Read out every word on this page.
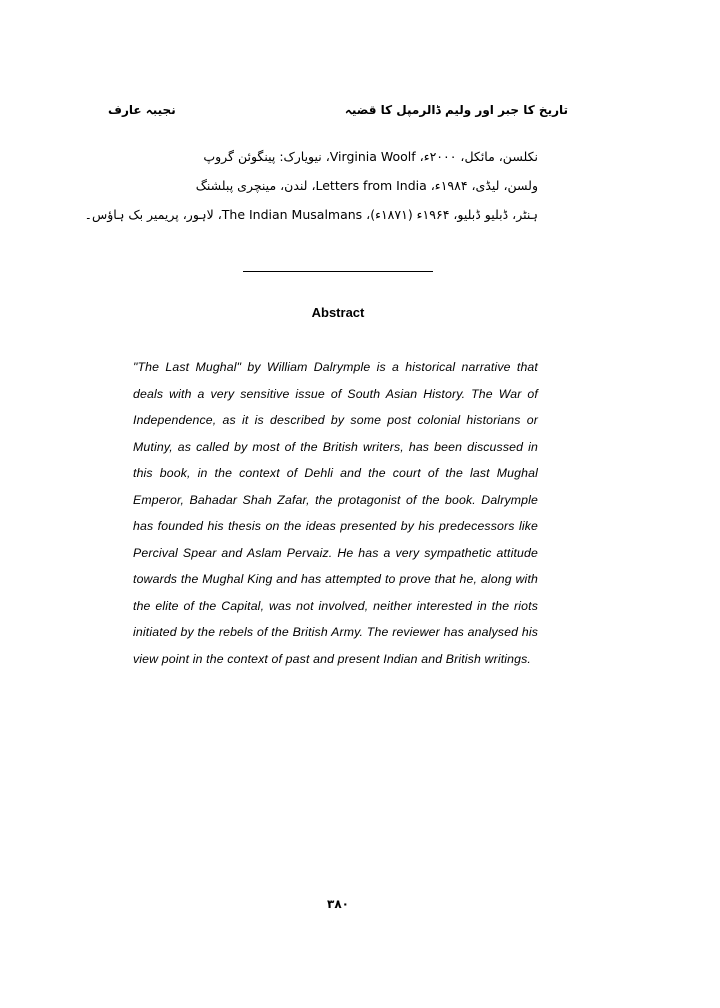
نجیبہ عارف	تاریخ کا جبر اور ولیم ڈالرمپل کا قضیہ
نکلسن، مائکل، ۲۰۰۰ء، Virginia Woolf، نیویارک: پینگوئن گروپ
ولسن، لیڈی، ۱۹۸۴ء، Letters from India، لندن، مینچری پبلشنگ
ہنٹر، ڈبلیو ڈبلیو، ۱۹۶۴ء (۱۸۷۱ء)، The Indian Musalmans، لاہور، پریمیر بک ہاؤس۔
Abstract

"The Last Mughal" by William Dalrymple is a historical narrative that deals with a very sensitive issue of South Asian History. The War of Independence, as it is described by some post colonial historians or Mutiny, as called by most of the British writers, has been discussed in this book, in the context of Dehli and the court of the last Mughal Emperor, Bahadar Shah Zafar, the protagonist of the book. Dalrymple has founded his thesis on the ideas presented by his predecessors like Percival Spear and Aslam Pervaiz. He has a very sympathetic attitude towards the Mughal King and has attempted to prove that he, along with the elite of the Capital, was not involved, neither interested in the riots initiated by the rebels of the British Army. The reviewer has analysed his view point in the context of past and present Indian and British writings.

۳۸۰
